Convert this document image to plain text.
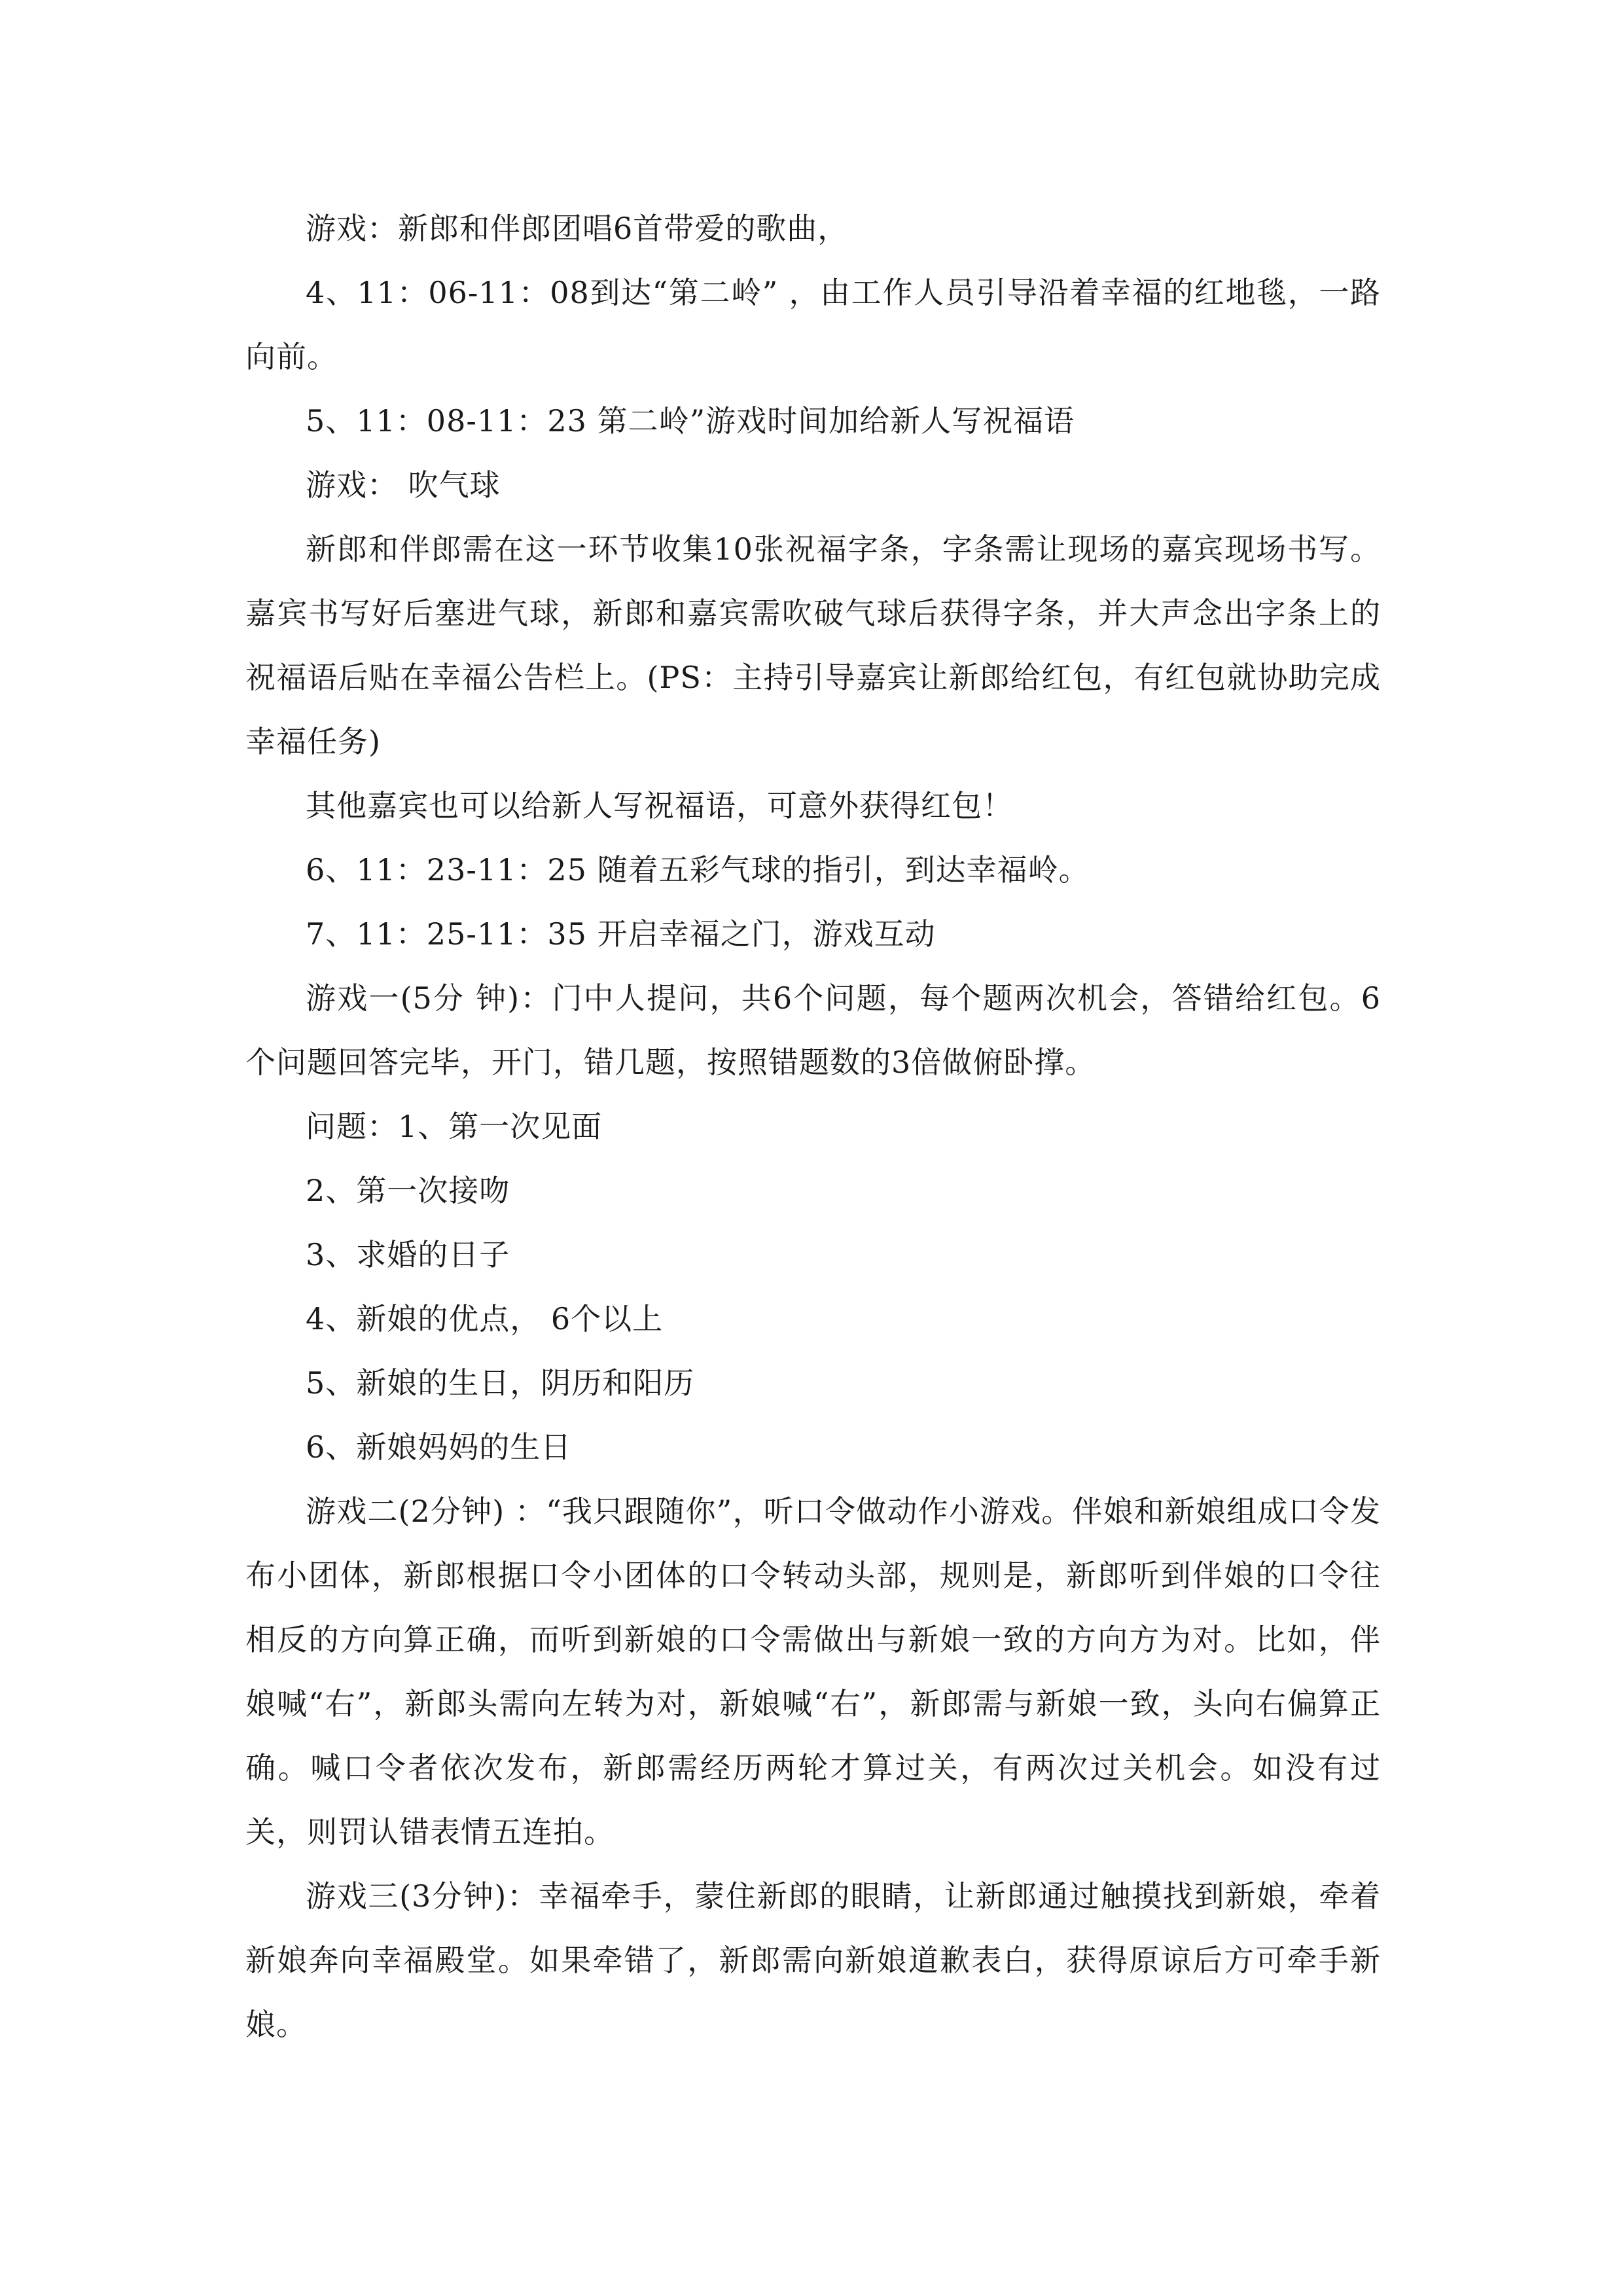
游戏：新郎和伴郎团唱6首带爱的歌曲，

4、11：06-11：08到达“第二岭” ，由工作人员引导沿着幸福的红地毯，一路向前。

5、11：08-11：23 第二岭”游戏时间加给新人写祝福语

游戏： 吹气球

新郎和伴郎需在这一环节收集10张祝福字条，字条需让现场的嘉宾现场书写。嘉宾书写好后塞进气球，新郎和嘉宾需吹破气球后获得字条，并大声念出字条上的祝福语后贴在幸福公告栏上。(PS：主持引导嘉宾让新郎给红包，有红包就协助完成幸福任务)

其他嘉宾也可以给新人写祝福语，可意外获得红包！

6、11：23-11：25 随着五彩气球的指引，到达幸福岭。

7、11：25-11：35 开启幸福之门，游戏互动

游戏一(5分 钟)：门中人提问，共6个问题，每个题两次机会，答错给红包。6个问题回答完毕，开门，错几题，按照错题数的3倍做俯卧撑。

问题：1、第一次见面

2、第一次接吻

3、求婚的日子

4、新娘的优点， 6个以上

5、新娘的生日，阴历和阳历

6、新娘妈妈的生日

游戏二(2分钟) ：“我只跟随你”，听口令做动作小游戏。伴娘和新娘组成口令发布小团体，新郎根据口令小团体的口令转动头部，规则是，新郎听到伴娘的口令往相反的方向算正确，而听到新娘的口令需做出与新娘一致的方向方为对。比如，伴娘喊“右”，新郎头需向左转为对，新娘喊“右”，新郎需与新娘一致，头向右偏算正确。喊口令者依次发布，新郎需经历两轮才算过关，有两次过关机会。如没有过关，则罚认错表情五连拍。

游戏三(3分钟)：幸福牵手，蒙住新郎的眼睛，让新郎通过触摸找到新娘，牵着新娘奔向幸福殿堂。如果牵错了，新郎需向新娘道歉表白，获得原谅后方可牵手新娘。
